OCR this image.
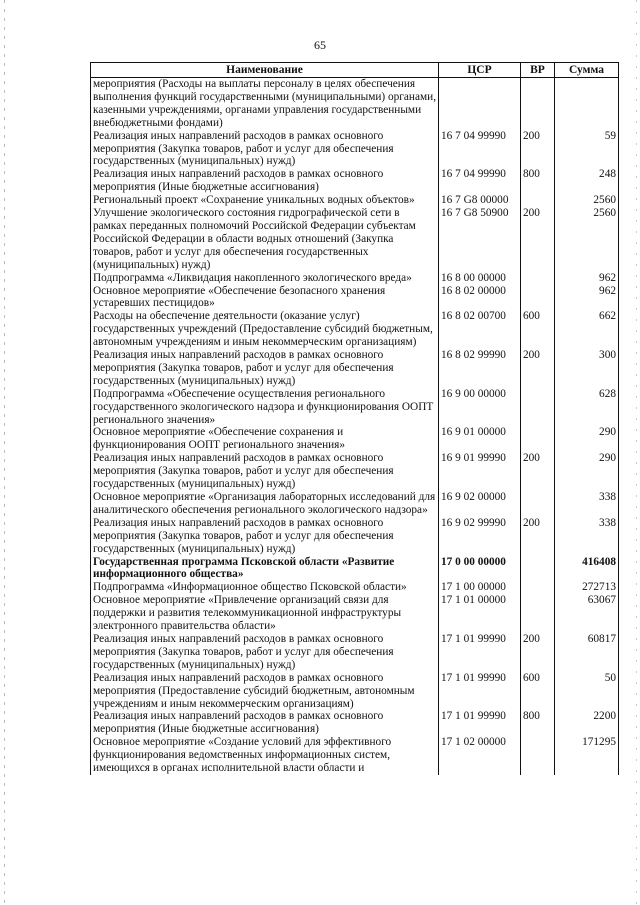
65
Наименование	ЦСР	ВР	Сумма
мероприятия (Расходы на выплаты персоналу в целях обеспечения выполнения функций государственными (муниципальными) органами, казенными учреждениями, органами управления государственными внебюджетными фондами)			
Реализация иных направлений расходов в рамках основного мероприятия (Закупка товаров, работ и услуг для обеспечения государственных (муниципальных) нужд)	16 7 04 99990	200	59
Реализация иных направлений расходов в рамках основного мероприятия (Иные бюджетные ассигнования)	16 7 04 99990	800	248
Региональный проект «Сохранение уникальных водных объектов»	16 7 G8 00000		2560
Улучшение экологического состояния гидрографической сети в рамках переданных полномочий Российской Федерации субъектам Российской Федерации в области водных отношений (Закупка товаров, работ и услуг для обеспечения государственных (муниципальных) нужд)	16 7 G8 50900	200	2560
Подпрограмма «Ликвидация накопленного экологического вреда»	16 8 00 00000		962
Основное мероприятие «Обеспечение безопасного хранения устаревших пестицидов»	16 8 02 00000		962
Расходы на обеспечение деятельности (оказание услуг) государственных учреждений (Предоставление субсидий бюджетным, автономным учреждениям и иным некоммерческим организациям)	16 8 02 00700	600	662
Реализация иных направлений расходов в рамках основного мероприятия (Закупка товаров, работ и услуг для обеспечения государственных (муниципальных) нужд)	16 8 02 99990	200	300
Подпрограмма «Обеспечение осуществления регионального государственного экологического надзора и функционирования ООПТ регионального значения»	16 9 00 00000		628
Основное мероприятие «Обеспечение сохранения и функционирования ООПТ регионального значения»	16 9 01 00000		290
Реализация иных направлений расходов в рамках основного мероприятия (Закупка товаров, работ и услуг для обеспечения государственных (муниципальных) нужд)	16 9 01 99990	200	290
Основное мероприятие «Организация лабораторных исследований для аналитического обеспечения регионального экологического надзора»	16 9 02 00000		338
Реализация иных направлений расходов в рамках основного мероприятия (Закупка товаров, работ и услуг для обеспечения государственных (муниципальных) нужд)	16 9 02 99990	200	338
Государственная программа Псковской области «Развитие информационного общества»	17 0 00 00000		416408
Подпрограмма «Информационное общество Псковской области»	17 1 00 00000		272713
Основное мероприятие «Привлечение организаций связи для поддержки и развития телекоммуникационной инфраструктуры электронного правительства области»	17 1 01 00000		63067
Реализация иных направлений расходов в рамках основного мероприятия (Закупка товаров, работ и услуг для обеспечения государственных (муниципальных) нужд)	17 1 01 99990	200	60817
Реализация иных направлений расходов в рамках основного мероприятия (Предоставление субсидий бюджетным, автономным учреждениям и иным некоммерческим организациям)	17 1 01 99990	600	50
Реализация иных направлений расходов в рамках основного мероприятия (Иные бюджетные ассигнования)	17 1 01 99990	800	2200
Основное мероприятие «Создание условий для эффективного функционирования ведомственных информационных систем, имеющихся в органах исполнительной власти области и	17 1 02 00000		171295
